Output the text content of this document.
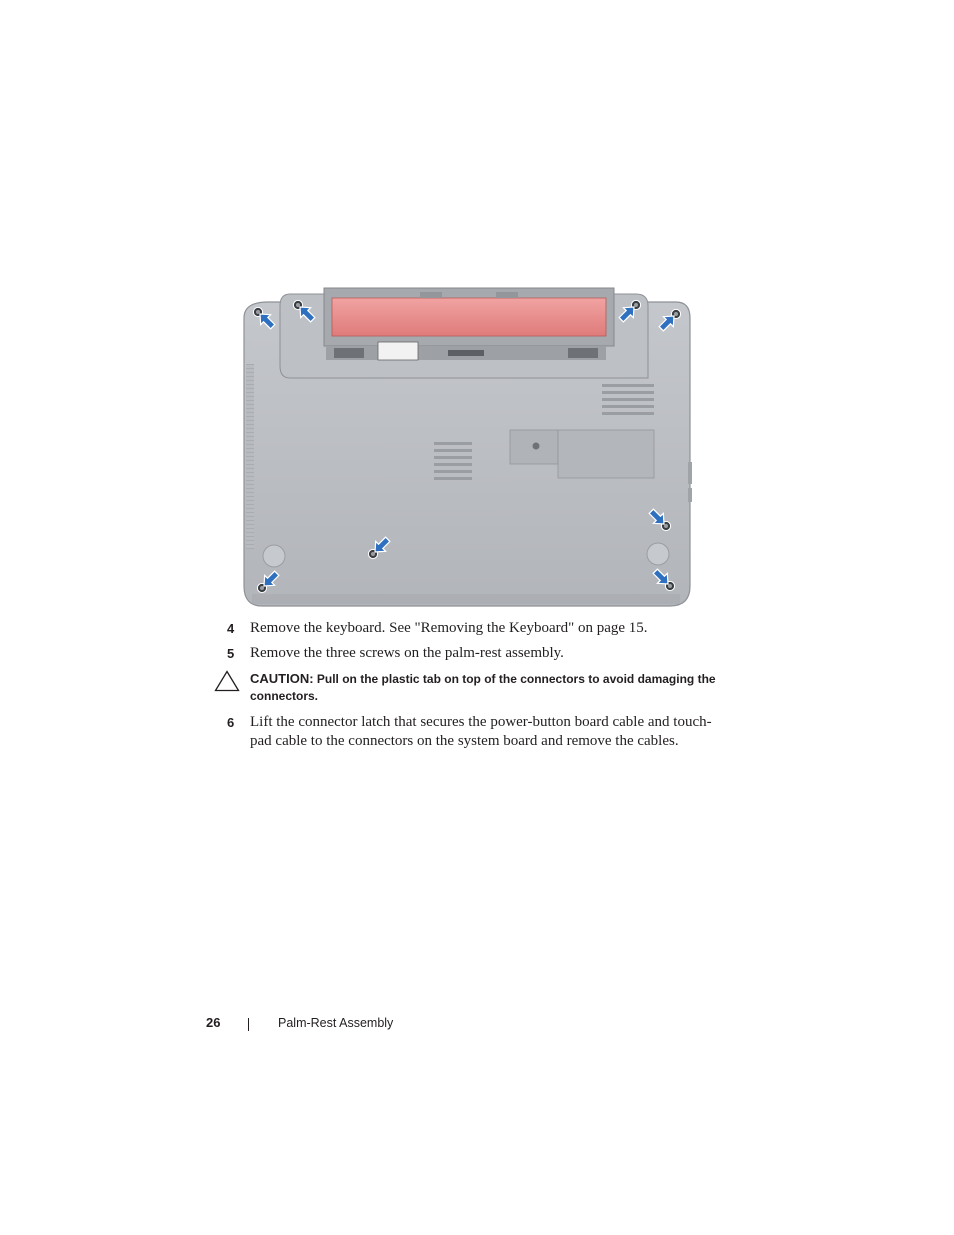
4 Remove the keyboard. See "Removing the Keyboard" on page 15.
5 Remove the three screws on the palm-rest assembly.
CAUTION: Pull on the plastic tab on top of the connectors to avoid damaging the connectors.
6 Lift the connector latch that secures the power-button board cable and touch-pad cable to the connectors on the system board and remove the cables.
26	Palm-Rest Assembly
